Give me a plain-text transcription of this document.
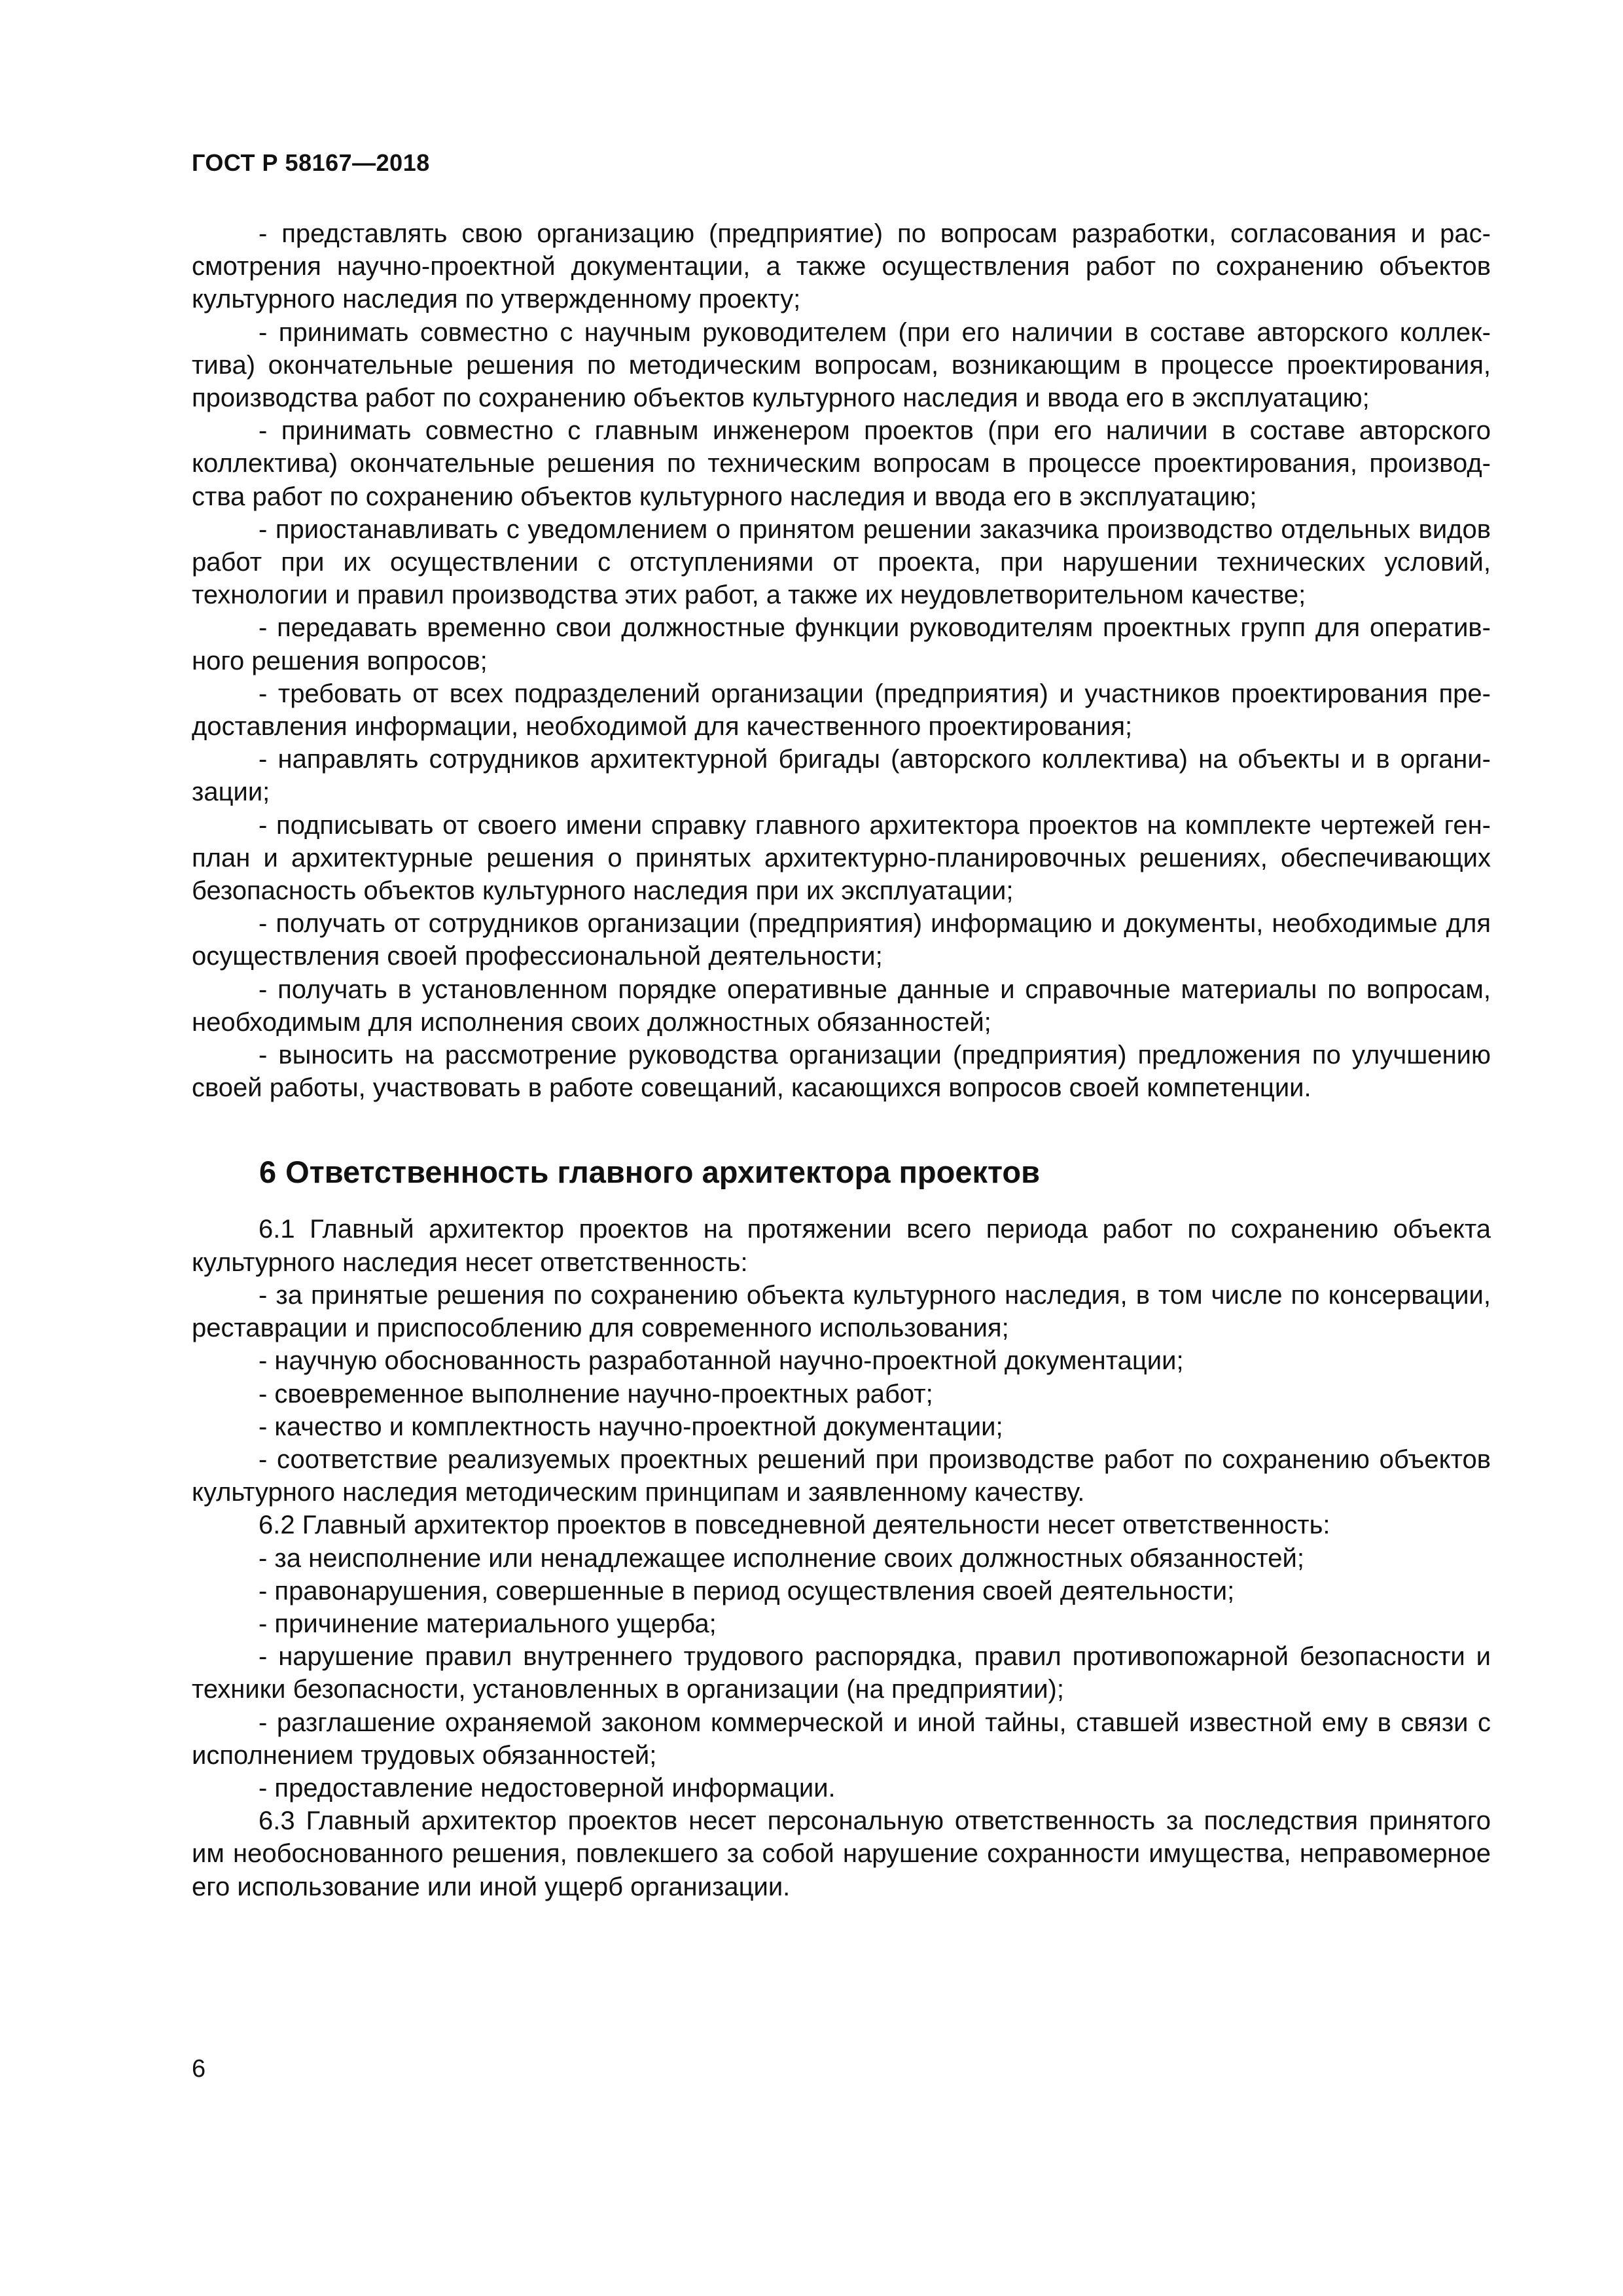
ГОСТ Р 58167—2018

- представлять свою организацию (предприятие) по вопросам разработки, согласования и рассмотрения научно-проектной документации, а также осуществления работ по сохранению объектов культурного наследия по утвержденному проекту;

- принимать совместно с научным руководителем (при его наличии в составе авторского коллектива) окончательные решения по методическим вопросам, возникающим в процессе проектирования, производства работ по сохранению объектов культурного наследия и ввода его в эксплуатацию;

- принимать совместно с главным инженером проектов (при его наличии в составе авторского коллектива) окончательные решения по техническим вопросам в процессе проектирования, производства работ по сохранению объектов культурного наследия и ввода его в эксплуатацию;

- приостанавливать с уведомлением о принятом решении заказчика производство отдельных видов работ при их осуществлении с отступлениями от проекта, при нарушении технических условий, технологии и правил производства этих работ, а также их неудовлетворительном качестве;

- передавать временно свои должностные функции руководителям проектных групп для оперативного решения вопросов;

- требовать от всех подразделений организации (предприятия) и участников проектирования предоставления информации, необходимой для качественного проектирования;

- направлять сотрудников архитектурной бригады (авторского коллектива) на объекты и в организации;

- подписывать от своего имени справку главного архитектора проектов на комплекте чертежей генплан и архитектурные решения о принятых архитектурно-планировочных решениях, обеспечивающих безопасность объектов культурного наследия при их эксплуатации;

- получать от сотрудников организации (предприятия) информацию и документы, необходимые для осуществления своей профессиональной деятельности;

- получать в установленном порядке оперативные данные и справочные материалы по вопросам, необходимым для исполнения своих должностных обязанностей;

- выносить на рассмотрение руководства организации (предприятия) предложения по улучшению своей работы, участвовать в работе совещаний, касающихся вопросов своей компетенции.

6 Ответственность главного архитектора проектов

6.1 Главный архитектор проектов на протяжении всего периода работ по сохранению объекта культурного наследия несет ответственность:

- за принятые решения по сохранению объекта культурного наследия, в том числе по консервации, реставрации и приспособлению для современного использования;

- научную обоснованность разработанной научно-проектной документации;

- своевременное выполнение научно-проектных работ;

- качество и комплектность научно-проектной документации;

- соответствие реализуемых проектных решений при производстве работ по сохранению объектов культурного наследия методическим принципам и заявленному качеству.

6.2 Главный архитектор проектов в повседневной деятельности несет ответственность:

- за неисполнение или ненадлежащее исполнение своих должностных обязанностей;

- правонарушения, совершенные в период осуществления своей деятельности;

- причинение материального ущерба;

- нарушение правил внутреннего трудового распорядка, правил противопожарной безопасности и техники безопасности, установленных в организации (на предприятии);

- разглашение охраняемой законом коммерческой и иной тайны, ставшей известной ему в связи с исполнением трудовых обязанностей;

- предоставление недостоверной информации.

6.3 Главный архитектор проектов несет персональную ответственность за последствия принятого им необоснованного решения, повлекшего за собой нарушение сохранности имущества, неправомерное его использование или иной ущерб организации.

6
